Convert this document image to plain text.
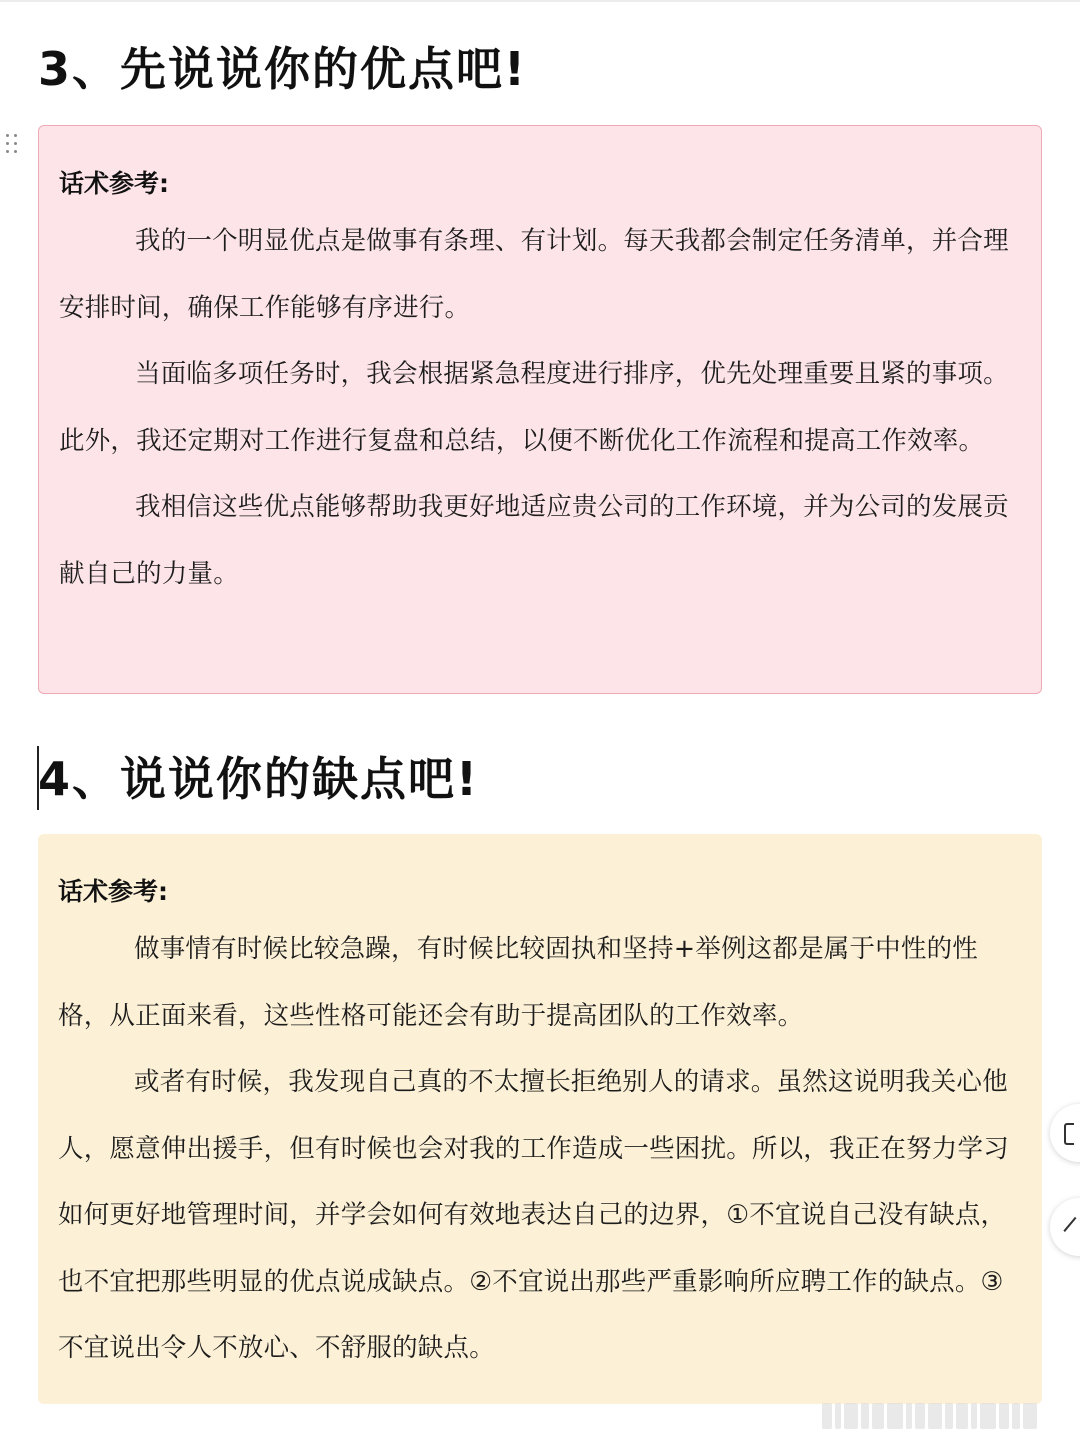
3、先说说你的优点吧!

话术参考:

我的一个明显优点是做事有条理、有计划。每天我都会制定任务清单，并合理安排时间，确保工作能够有序进行。

当面临多项任务时，我会根据紧急程度进行排序，优先处理重要且紧的事项。此外，我还定期对工作进行复盘和总结，以便不断优化工作流程和提高工作效率。

我相信这些优点能够帮助我更好地适应贵公司的工作环境，并为公司的发展贡献自己的力量。

4、说说你的缺点吧!

话术参考:

做事情有时候比较急躁，有时候比较固执和坚持+举例这都是属于中性的性格，从正面来看，这些性格可能还会有助于提高团队的工作效率。

或者有时候，我发现自己真的不太擅长拒绝别人的请求。虽然这说明我关心他人，愿意伸出援手，但有时候也会对我的工作造成一些困扰。所以，我正在努力学习如何更好地管理时间，并学会如何有效地表达自己的边界，①不宜说自己没有缺点，也不宜把那些明显的优点说成缺点。②不宜说出那些严重影响所应聘工作的缺点。③不宜说出令人不放心、不舒服的缺点。
